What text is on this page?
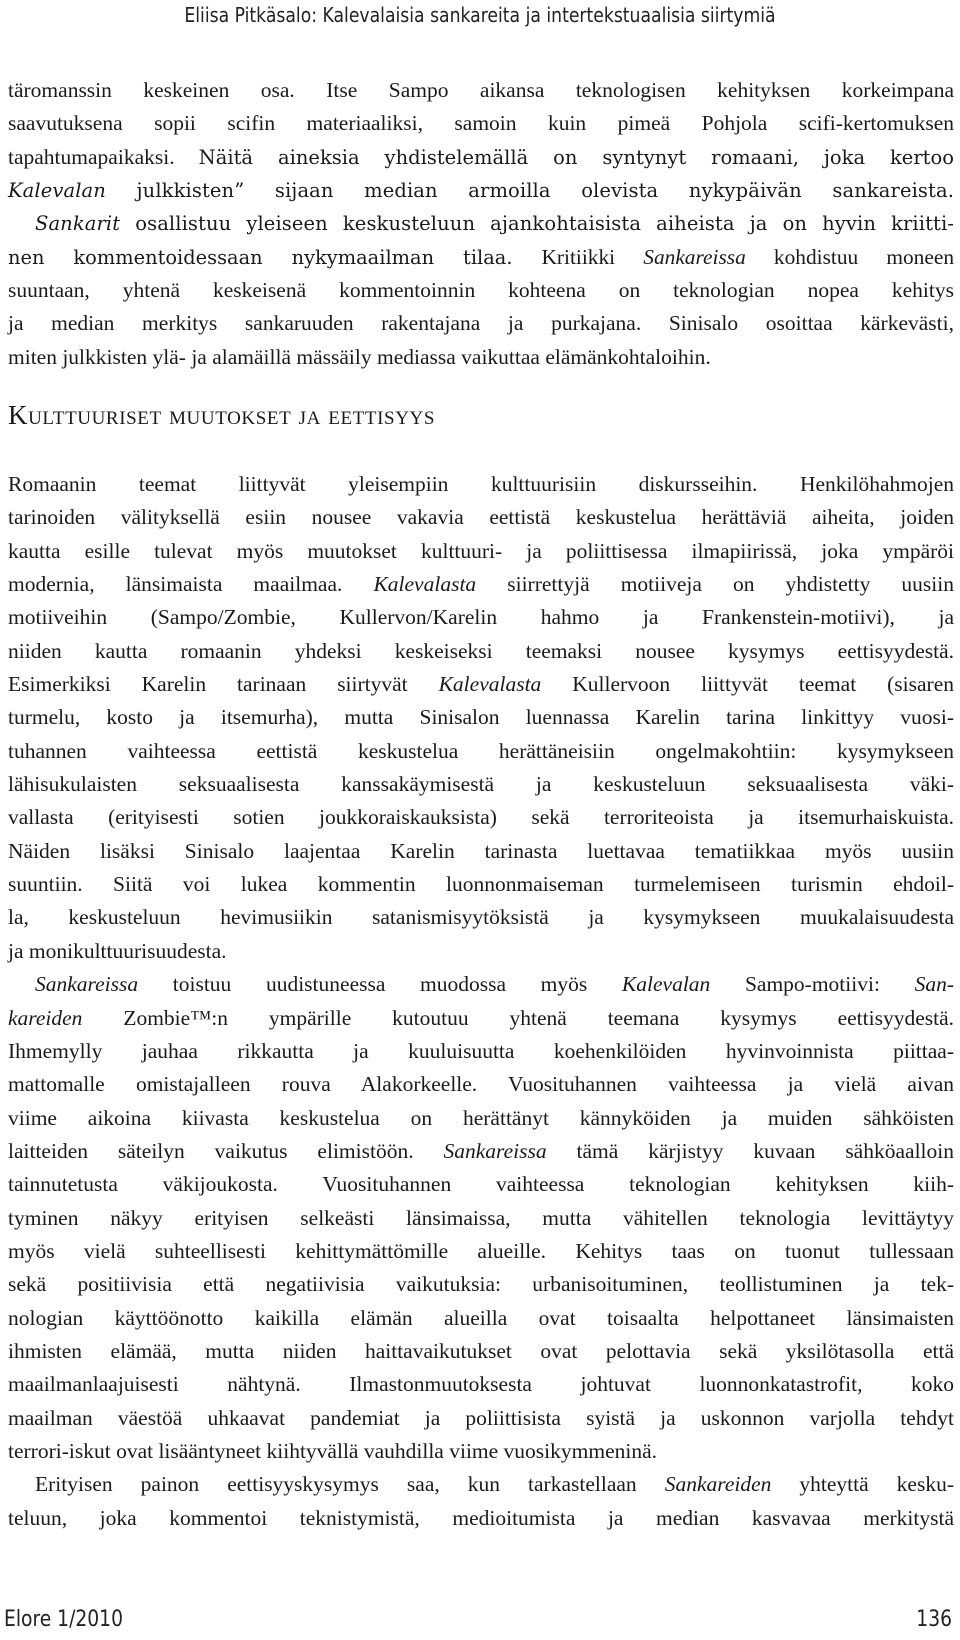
Eliisa Pitkäsalo: Kalevalaisia sankareita ja intertekstuaalisia siirtymiä
täromanssin keskeinen osa. Itse Sampo aikansa teknologisen kehityksen korkeimpana
saavutuksena sopii scifin materiaaliksi, samoin kuin pimeä Pohjola scifi-kertomuksen
tapahtumapaikaksi. Näitä aineksia yhdistelemällä on syntynyt romaani, joka kertoo
Kalevalan julkkisten” sijaan median armoilla olevista nykypäivän sankareista.
Sankarit osallistuu yleiseen keskusteluun ajankohtaisista aiheista ja on hyvin kriitti-
nen kommentoidessaan nykymaailman tilaa. Kritiikki Sankareissa kohdistuu moneen
suuntaan, yhtenä keskeisenä kommentoinnin kohteena on teknologian nopea kehitys
ja median merkitys sankaruuden rakentajana ja purkajana. Sinisalo osoittaa kärkevästi,
miten julkkisten ylä- ja alamäillä mässäily mediassa vaikuttaa elämänkohtaloihin.
Kulttuuriset muutokset ja eettisyys
Romaanin teemat liittyvät yleisempiin kulttuurisiin diskursseihin. Henkilöhahmojen
tarinoiden välityksellä esiin nousee vakavia eettistä keskustelua herättäviä aiheita, joiden
kautta esille tulevat myös muutokset kulttuuri- ja poliittisessa ilmapiirissä, joka ympäröi
modernia, länsimaista maailmaa. Kalevalasta siirrettyjä motiiveja on yhdistetty uusiin
motiiveihin (Sampo/Zombie, Kullervon/Karelin hahmo ja Frankenstein-motiivi), ja
niiden kautta romaanin yhdeksi keskeiseksi teemaksi nousee kysymys eettisyydestä.
Esimerkiksi Karelin tarinaan siirtyvät Kalevalasta Kullervoon liittyvät teemat (sisaren
turmelu, kosto ja itsemurha), mutta Sinisalon luennassa Karelin tarina linkittyy vuosi-
tuhannen vaihteessa eettistä keskustelua herättäneisiin ongelmakohtiin: kysymykseen
lähisukulaisten seksuaalisesta kanssakäymisestä ja keskusteluun seksuaalisesta väki-
vallasta (erityisesti sotien joukkoraiskauksista) sekä terroriteoista ja itsemurhaiskuista.
Näiden lisäksi Sinisalo laajentaa Karelin tarinasta luettavaa tematiikkaa myös uusiin
suuntiin. Siitä voi lukea kommentin luonnonmaiseman turmelemiseen turismin ehdoil-
la, keskusteluun hevimusiikin satanismisyytöksistä ja kysymykseen muukalaisuudesta
ja monikulttuurisuudesta.
Sankareissa toistuu uudistuneessa muodossa myös Kalevalan Sampo-motiivi: San-
kareiden Zombie™:n ympärille kutoutuu yhtenä teemana kysymys eettisyydestä.
Ihmemylly jauhaa rikkautta ja kuuluisuutta koehenkilöiden hyvinvoinnista piittaa-
mattomalle omistajalleen rouva Alakorkeelle. Vuosituhannen vaihteessa ja vielä aivan
viime aikoina kiivasta keskustelua on herättänyt kännyköiden ja muiden sähköisten
laitteiden säteilyn vaikutus elimistöön. Sankareissa tämä kärjistyy kuvaan sähköaalloin
tainnutetusta väkijoukosta. Vuosituhannen vaihteessa teknologian kehityksen kiih-
tyminen näkyy erityisen selkeästi länsimaissa, mutta vähitellen teknologia levittäytyy
myös vielä suhteellisesti kehittymättömille alueille. Kehitys taas on tuonut tullessaan
sekä positiivisia että negatiivisia vaikutuksia: urbanisoituminen, teollistuminen ja tek-
nologian käyttöönotto kaikilla elämän alueilla ovat toisaalta helpottaneet länsimaisten
ihmisten elämää, mutta niiden haittavaikutukset ovat pelottavia sekä yksilötasolla että
maailmanlaajuisesti nähtynä. Ilmastonmuutoksesta johtuvat luonnonkatastrofit, koko
maailman väestöä uhkaavat pandemiat ja poliittisista syistä ja uskonnon varjolla tehdyt
terrori-iskut ovat lisääntyneet kiihtyvällä vauhdilla viime vuosikymmeninä.
Erityisen painon eettisyyskysymys saa, kun tarkastellaan Sankareiden yhteyttä kesku-
teluun, joka kommentoi teknistymistä, medioitumista ja median kasvavaa merkitystä
Elore 1/2010	136
